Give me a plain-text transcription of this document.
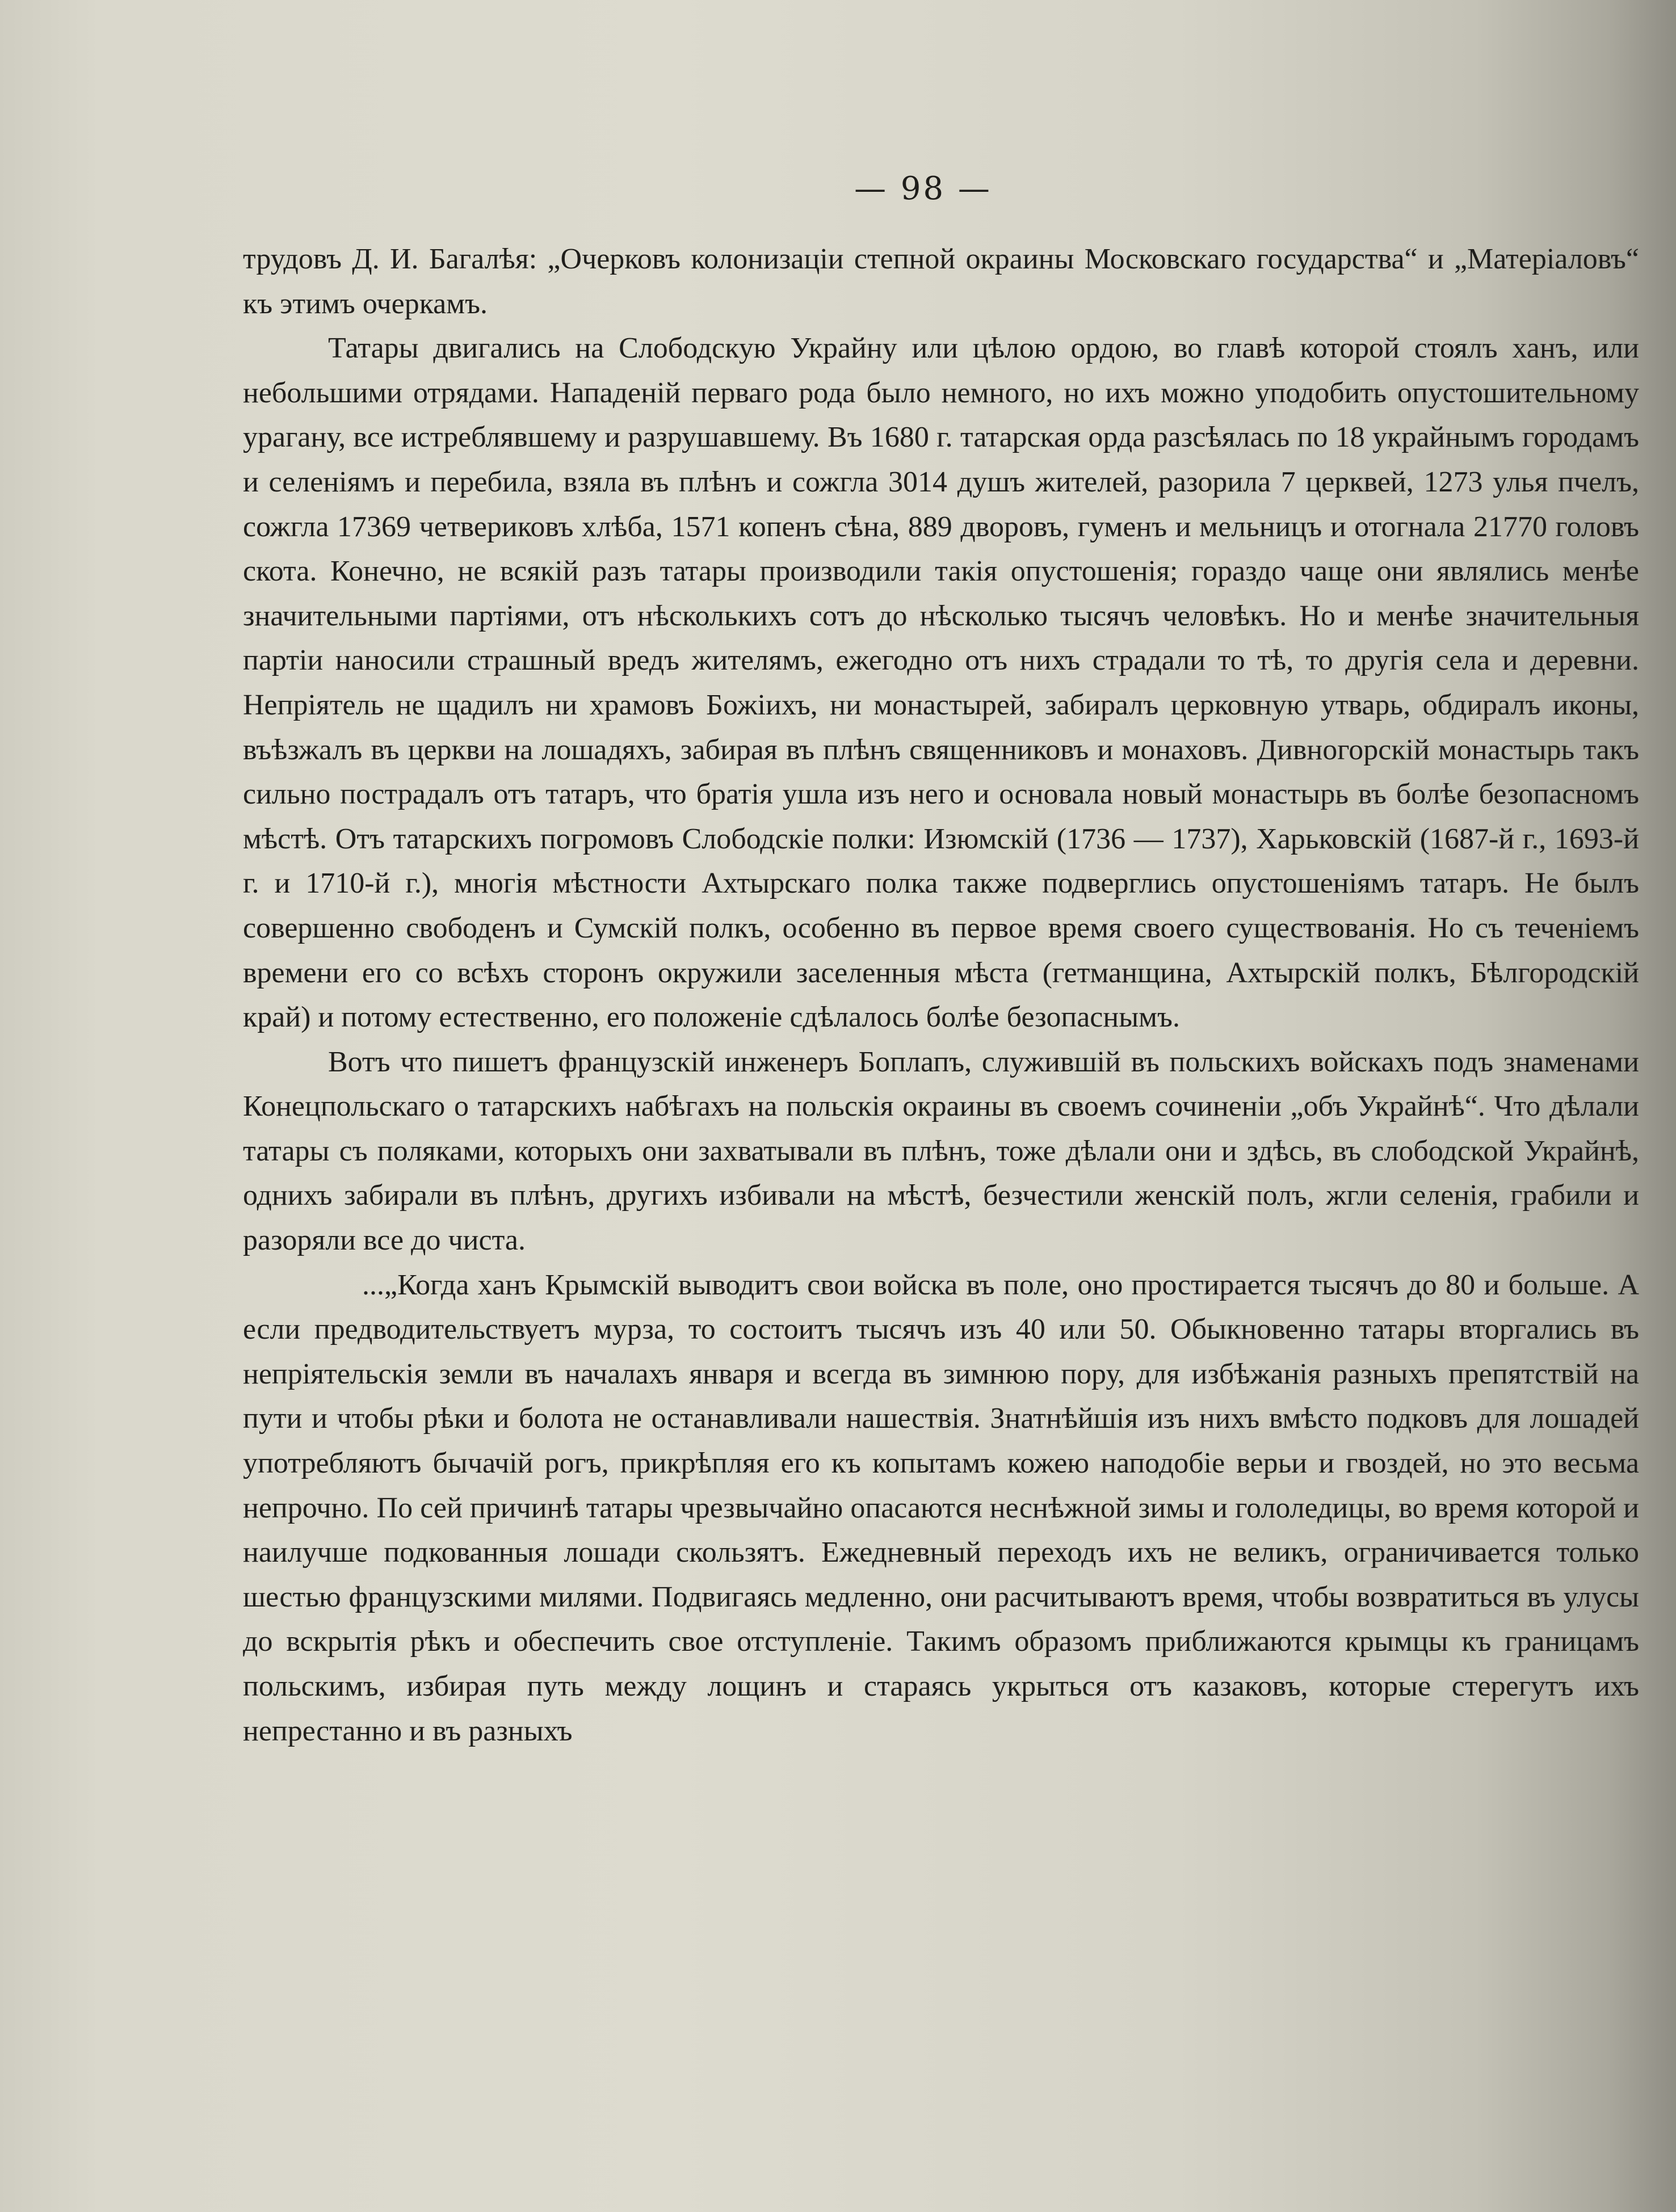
— 98 —

трудовъ Д. И. Багалѣя: „Очерковъ колонизаціи степной окраины Московскаго государства“ и „Матеріаловъ“ къ этимъ очеркамъ.

Татары двигались на Слободскую Украйну или цѣлою ордою, во главѣ которой стоялъ ханъ, или небольшими отрядами. Нападеній перваго рода было немного, но ихъ можно уподобить опустошительному урагану, все истреблявшему и разрушавшему. Въ 1680 г. татарская орда разсѣялась по 18 украйнымъ городамъ и селеніямъ и перебила, взяла въ плѣнъ и сожгла 3014 душъ жителей, разорила 7 церквей, 1273 улья пчелъ, сожгла 17369 четвериковъ хлѣба, 1571 копенъ сѣна, 889 дворовъ, гуменъ и мельницъ и отогнала 21770 головъ скота. Конечно, не всякій разъ татары производили такія опустошенія; гораздо чаще они являлись менѣе значительными партіями, отъ нѣсколькихъ сотъ до нѣсколько тысячъ человѣкъ. Но и менѣе значительныя партіи наносили страшный вредъ жителямъ, ежегодно отъ нихъ страдали то тѣ, то другія села и деревни. Непріятель не щадилъ ни храмовъ Божіихъ, ни монастырей, забиралъ церковную утварь, обдиралъ иконы, въѣзжалъ въ церкви на лошадяхъ, забирая въ плѣнъ священниковъ и монаховъ. Дивногорскій монастырь такъ сильно пострадалъ отъ татаръ, что братія ушла изъ него и основала новый монастырь въ болѣе безопасномъ мѣстѣ. Отъ татарскихъ погромовъ Слободскіе полки: Изюмскій (1736 — 1737), Харьковскій (1687-й г., 1693-й г. и 1710-й г.), многія мѣстности Ахтырскаго полка также подверглись опустошеніямъ татаръ. Не былъ совершенно свободенъ и Сумскій полкъ, особенно въ первое время своего существованія. Но съ теченіемъ времени его со всѣхъ сторонъ окружили заселенныя мѣста (гетманщина, Ахтырскій полкъ, Бѣлгородскій край) и потому естественно, его положеніе сдѣлалось болѣе безопаснымъ.

Вотъ что пишетъ французскій инженеръ Боплапъ, служившій въ польскихъ войскахъ подъ знаменами Конецпольскаго о татарскихъ набѣгахъ на польскія окраины въ своемъ сочиненіи „объ Украйнѣ“. Что дѣлали татары съ поляками, которыхъ они захватывали въ плѣнъ, тоже дѣлали они и здѣсь, въ слободской Украйнѣ, однихъ забирали въ плѣнъ, другихъ избивали на мѣстѣ, безчестили женскій полъ, жгли селенія, грабили и разоряли все до чиста.

...„Когда ханъ Крымскій выводитъ свои войска въ поле, оно простирается тысячъ до 80 и больше. А если предводительствуетъ мурза, то состоитъ тысячъ изъ 40 или 50. Обыкновенно татары вторгались въ непріятельскія земли въ началахъ января и всегда въ зимнюю пору, для избѣжанія разныхъ препятствій на пути и чтобы рѣки и болота не останавливали нашествія. Знатнѣйшія изъ нихъ вмѣсто подковъ для лошадей употребляютъ бычачій рогъ, прикрѣпляя его къ копытамъ кожею наподобіе верьи и гвоздей, но это весьма непрочно. По сей причинѣ татары чрезвычайно опасаются неснѣжной зимы и гололедицы, во время которой и наилучше подкованныя лошади скользятъ. Ежедневный переходъ ихъ не великъ, ограничивается только шестью французскими милями. Подвигаясь медленно, они расчитываютъ время, чтобы возвратиться въ улусы до вскрытія рѣкъ и обеспечить свое отступленіе. Такимъ образомъ приближаются крымцы къ границамъ польскимъ, избирая путь между лощинъ и стараясь укрыться отъ казаковъ, которые стерегутъ ихъ непрестанно и въ разныхъ
